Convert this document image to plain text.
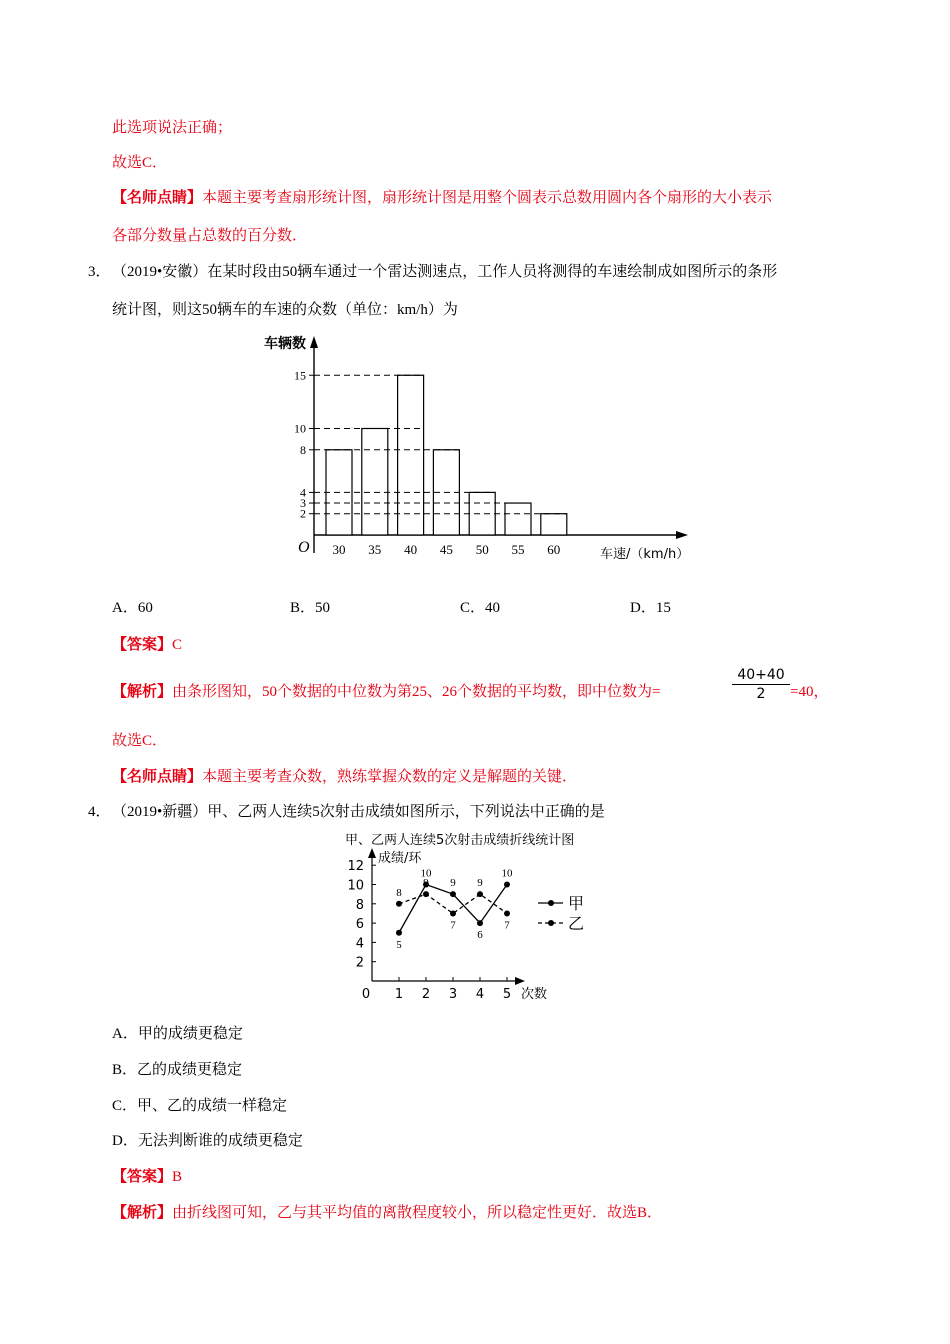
此选项说法正确；
故选C．
【名师点睛】本题主要考查扇形统计图，扇形统计图是用整个圆表示总数用圆内各个扇形的大小表示
各部分数量占总数的百分数．
3． （2019•安徽）在某时段由50辆车通过一个雷达测速点，工作人员将测得的车速绘制成如图所示的条形
统计图，则这50辆车的车速的众数（单位：km/h）为
车辆数
车速/（km/h）
O 30 35 40 45 50 55 60
2
3
4
8
10
15
A．60	B．50	C．40	D．15
【答案】C
【解析】由条形图知，50个数据的中位数为第25、26个数据的平均数，即中位数为=	$\frac{40+40}{2} =40$，
故选C．
【名师点睛】本题主要考查众数，熟练掌握众数的定义是解题的关键．
4． （2019•新疆）甲、乙两人连续5次射击成绩如图所示，下列说法中正确的是
甲、乙两人连续5次射击成绩折线统计图
成绩/环
次数
0
2
4
6
8
10
12
1 2 3 4 5
5
10
9
6
10
甲
8
9
7
9
7	乙
A．甲的成绩更稳定
B．乙的成绩更稳定
C．甲、乙的成绩一样稳定
D．无法判断谁的成绩更稳定
【答案】B
【解析】由折线图可知，乙与其平均值的离散程度较小，所以稳定性更好．故选B．
